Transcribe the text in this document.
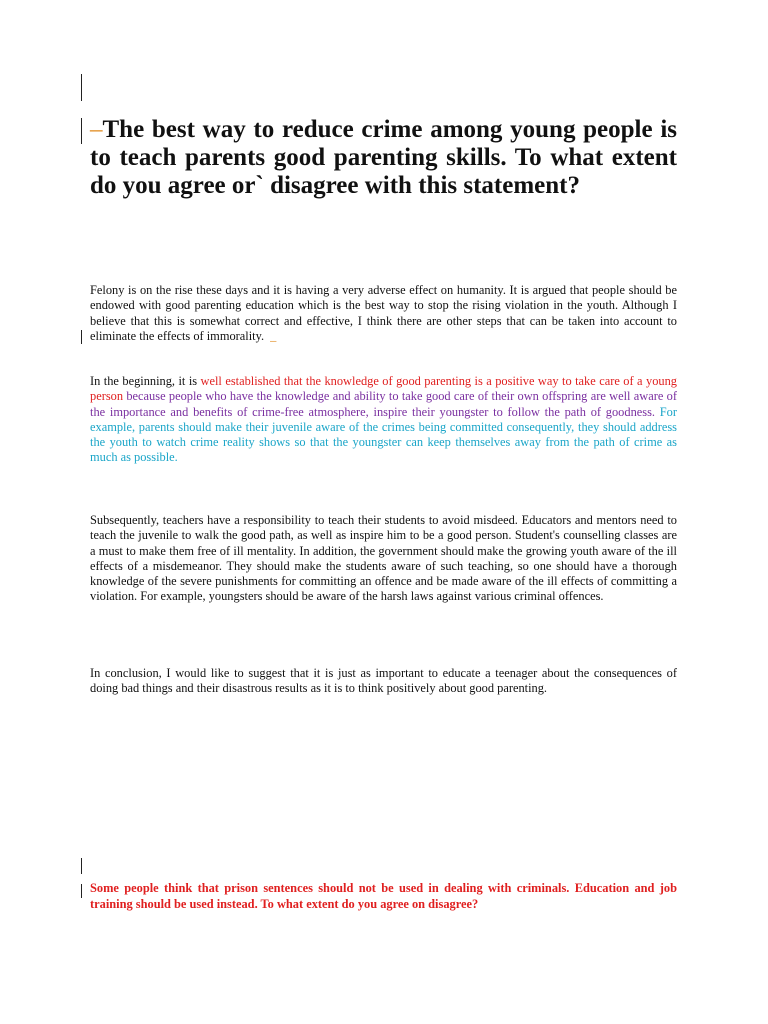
–The best way to reduce crime among young people is to teach parents good parenting skills. To what extent do you agree or` disagree with this statement?

Felony is on the rise these days and it is having a very adverse effect on humanity. It is argued that people should be endowed with good parenting education which is the best way to stop the rising violation in the youth. Although I believe that this is somewhat correct and effective, I think there are other steps that can be taken into account to eliminate the effects of immorality. _

In the beginning, it is well established that the knowledge of good parenting is a positive way to take care of a young person because people who have the knowledge and ability to take good care of their own offspring are well aware of the importance and benefits of crime-free atmosphere, inspire their youngster to follow the path of goodness. For example, parents should make their juvenile aware of the crimes being committed consequently, they should address the youth to watch crime reality shows so that the youngster can keep themselves away from the path of crime as much as possible.

Subsequently, teachers have a responsibility to teach their students to avoid misdeed. Educators and mentors need to teach the juvenile to walk the good path, as well as inspire him to be a good person. Student's counselling classes are a must to make them free of ill mentality. In addition, the government should make the growing youth aware of the ill effects of a misdemeanor. They should make the students aware of such teaching, so one should have a thorough knowledge of the severe punishments for committing an offence and be made aware of the ill effects of committing a violation. For example, youngsters should be aware of the harsh laws against various criminal offences.

In conclusion, I would like to suggest that it is just as important to educate a teenager about the consequences of doing bad things and their disastrous results as it is to think positively about good parenting.

Some people think that prison sentences should not be used in dealing with criminals. Education and job training should be used instead. To what extent do you agree on disagree?
